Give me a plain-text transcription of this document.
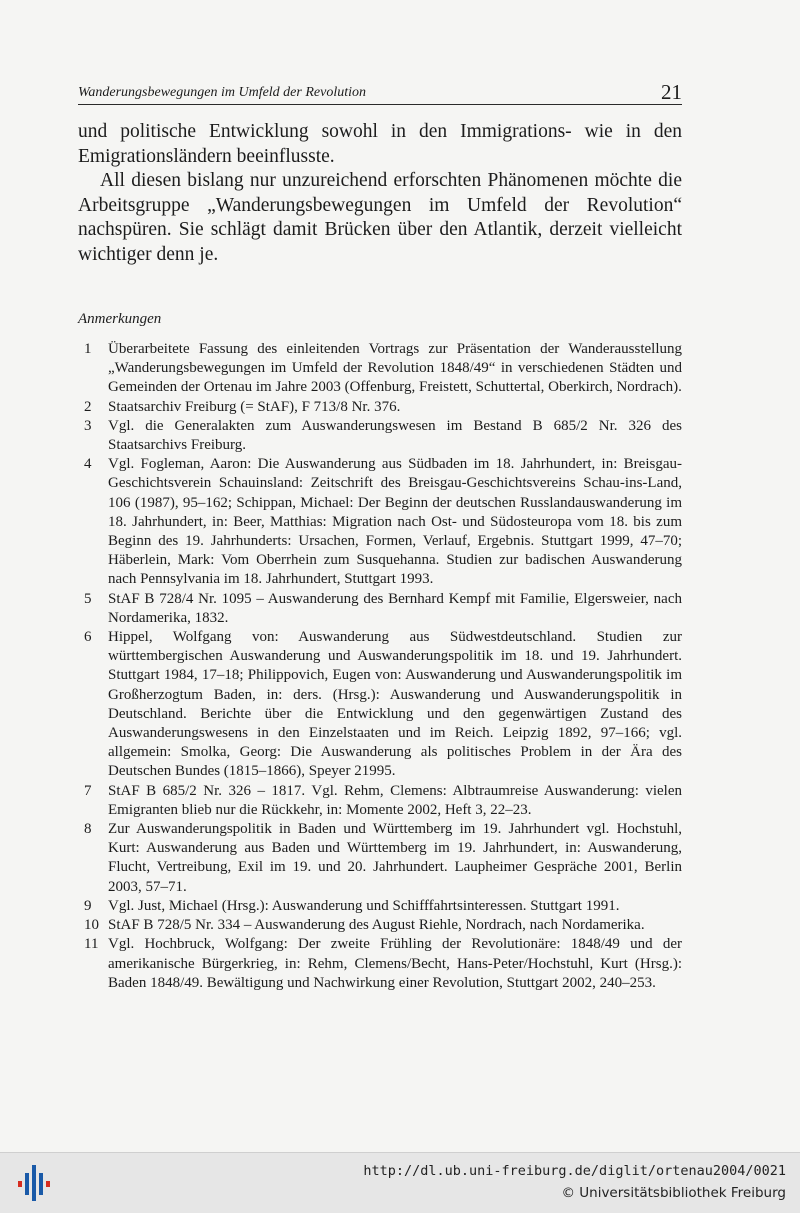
Wanderungsbewegungen im Umfeld der Revolution	21

und politische Entwicklung sowohl in den Immigrations- wie in den Emigrationsländern beeinflusste.

All diesen bislang nur unzureichend erforschten Phänomenen möchte die Arbeitsgruppe „Wanderungsbewegungen im Umfeld der Revolution“ nachspüren. Sie schlägt damit Brücken über den Atlantik, derzeit vielleicht wichtiger denn je.

Anmerkungen
1	Überarbeitete Fassung des einleitenden Vortrags zur Präsentation der Wanderausstellung „Wanderungsbewegungen im Umfeld der Revolution 1848/49“ in verschiedenen Städten und Gemeinden der Ortenau im Jahre 2003 (Offenburg, Freistett, Schuttertal, Oberkirch, Nordrach).
2	Staatsarchiv Freiburg (= StAF), F 713/8 Nr. 376.
3	Vgl. die Generalakten zum Auswanderungswesen im Bestand B 685/2 Nr. 326 des Staatsarchivs Freiburg.
4	Vgl. Fogleman, Aaron: Die Auswanderung aus Südbaden im 18. Jahrhundert, in: Breisgau-Geschichtsverein Schauinsland: Zeitschrift des Breisgau-Geschichtsvereins Schau-ins-Land, 106 (1987), 95–162; Schippan, Michael: Der Beginn der deutschen Russlandauswanderung im 18. Jahrhundert, in: Beer, Matthias: Migration nach Ost- und Südosteuropa vom 18. bis zum Beginn des 19. Jahrhunderts: Ursachen, Formen, Verlauf, Ergebnis. Stuttgart 1999, 47–70; Häberlein, Mark: Vom Oberrhein zum Susquehanna. Studien zur badischen Auswanderung nach Pennsylvania im 18. Jahrhundert, Stuttgart 1993.
5	StAF B 728/4 Nr. 1095 – Auswanderung des Bernhard Kempf mit Familie, Elgersweier, nach Nordamerika, 1832.
6	Hippel, Wolfgang von: Auswanderung aus Südwestdeutschland. Studien zur württembergischen Auswanderung und Auswanderungspolitik im 18. und 19. Jahrhundert. Stuttgart 1984, 17–18; Philippovich, Eugen von: Auswanderung und Auswanderungspolitik im Großherzogtum Baden, in: ders. (Hrsg.): Auswanderung und Auswanderungspolitik in Deutschland. Berichte über die Entwicklung und den gegenwärtigen Zustand des Auswanderungswesens in den Einzelstaaten und im Reich. Leipzig 1892, 97–166; vgl. allgemein: Smolka, Georg: Die Auswanderung als politisches Problem in der Ära des Deutschen Bundes (1815–1866), Speyer 21995.
7	StAF B 685/2 Nr. 326 – 1817. Vgl. Rehm, Clemens: Albtraumreise Auswanderung: vielen Emigranten blieb nur die Rückkehr, in: Momente 2002, Heft 3, 22–23.
8	Zur Auswanderungspolitik in Baden und Württemberg im 19. Jahrhundert vgl. Hochstuhl, Kurt: Auswanderung aus Baden und Württemberg im 19. Jahrhundert, in: Auswanderung, Flucht, Vertreibung, Exil im 19. und 20. Jahrhundert. Laupheimer Gespräche 2001, Berlin 2003, 57–71.
9	Vgl. Just, Michael (Hrsg.): Auswanderung und Schifffahrtsinteressen. Stuttgart 1991.
10 StAF B 728/5 Nr. 334 – Auswanderung des August Riehle, Nordrach, nach Nordamerika.
11 Vgl. Hochbruck, Wolfgang: Der zweite Frühling der Revolutionäre: 1848/49 und der amerikanische Bürgerkrieg, in: Rehm, Clemens/Becht, Hans-Peter/Hochstuhl, Kurt (Hrsg.): Baden 1848/49. Bewältigung und Nachwirkung einer Revolution, Stuttgart 2002, 240–253.
http://dl.ub.uni-freiburg.de/diglit/ortenau2004/0021
© Universitätsbibliothek Freiburg
